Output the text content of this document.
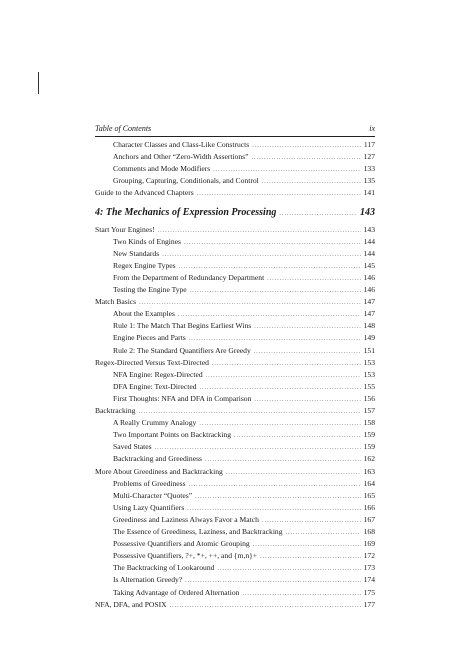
Table of Contents	ix
Character Classes and Class-Like Constructs .....	117
Anchors and Other “Zero-Width Assertions” .....	127
Comments and Mode Modifiers .....	133
Grouping, Capturing, Conditionals, and Control .....	135
Guide to the Advanced Chapters .....	141
4: The Mechanics of Expression Processing .....	143
Start Your Engines! .....	143
Two Kinds of Engines .....	144
New Standards .....	144
Regex Engine Types .....	145
From the Department of Redundancy Department .....	146
Testing the Engine Type .....	146
Match Basics .....	147
About the Examples .....	147
Rule 1: The Match That Begins Earliest Wins .....	148
Engine Pieces and Parts .....	149
Rule 2: The Standard Quantifiers Are Greedy .....	151
Regex-Directed Versus Text-Directed .....	153
NFA Engine: Regex-Directed .....	153
DFA Engine: Text-Directed .....	155
First Thoughts: NFA and DFA in Comparison .....	156
Backtracking .....	157
A Really Crummy Analogy .....	158
Two Important Points on Backtracking .....	159
Saved States .....	159
Backtracking and Greediness .....	162
More About Greediness and Backtracking .....	163
Problems of Greediness .....	164
Multi-Character “Quotes” .....	165
Using Lazy Quantifiers .....	166
Greediness and Laziness Always Favor a Match .....	167
The Essence of Greediness, Laziness, and Backtracking .....	168
Possessive Quantifiers and Atomic Grouping .....	169
Possessive Quantifiers, ?+, *+, ++, and {m,n}+ .....	172
The Backtracking of Lookaround .....	173
Is Alternation Greedy? .....	174
Taking Advantage of Ordered Alternation .....	175
NFA, DFA, and POSIX .....	177
